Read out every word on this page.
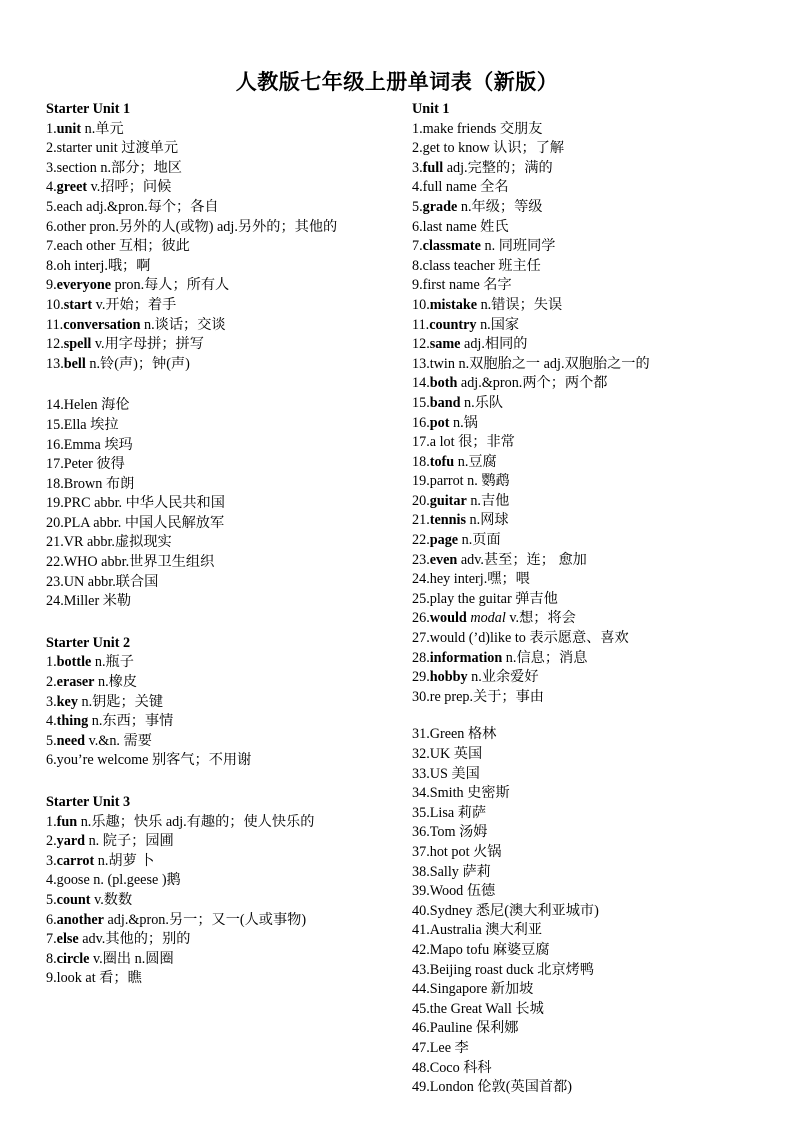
人教版七年级上册单词表（新版）
Starter Unit 1
1.unit n.单元
2.starter unit 过渡单元
3.section n.部分；地区
4.greet v.招呼；问候
5.each adj.&pron.每个；各自
6.other pron.另外的人(或物) adj.另外的；其他的
7.each other 互相；彼此
8.oh interj.哦；啊
9.everyone pron.每人；所有人
10.start v.开始；着手
11.conversation n.谈话；交谈
12.spell v.用字母拼；拼写
13.bell n.铃(声)；钟(声)
14.Helen 海伦
15.Ella 埃拉
16.Emma 埃玛
17.Peter 彼得
18.Brown 布朗
19.PRC abbr. 中华人民共和国
20.PLA abbr. 中国人民解放军
21.VR abbr.虚拟现实
22.WHO abbr.世界卫生组织
23.UN abbr.联合国
24.Miller 米勒
Starter Unit 2
1.bottle n.瓶子
2.eraser n.橡皮
3.key n.钥匙；关键
4.thing n.东西；事情
5.need v.&n. 需要
6.you’re welcome 别客气；不用谢
Starter Unit 3
1.fun n.乐趣；快乐 adj.有趣的；使人快乐的
2.yard n. 院子；园圃
3.carrot n.胡萝 卜
4.goose n. (pl.geese )鹅
5.count v.数数
6.another adj.&pron.另一；又一(人或事物)
7.else adv.其他的；别的
8.circle v.圈出 n.圆圈
9.look at 看；瞧
Unit 1
1.make friends 交朋友
2.get to know 认识；了解
3.full adj.完整的；满的
4.full name 全名
5.grade n.年级；等级
6.last name 姓氏
7.classmate n. 同班同学
8.class teacher 班主任
9.first name 名字
10.mistake n.错误；失误
11.country n.国家
12.same adj.相同的
13.twin n.双胞胎之一 adj.双胞胎之一的
14.both adj.&pron.两个；两个都
15.band n.乐队
16.pot n.锅
17.a lot 很；非常
18.tofu n.豆腐
19.parrot n. 鹦鹉
20.guitar n.吉他
21.tennis n.网球
22.page n.页面
23.even adv.甚至；连； 愈加
24.hey interj.嘿；喂
25.play the guitar 弹吉他
26.would modal v.想；将会
27.would (’d)like to 表示愿意、喜欢
28.information n.信息；消息
29.hobby n.业余爱好
30.re prep.关于；事由
31.Green 格林
32.UK 英国
33.US 美国
34.Smith 史密斯
35.Lisa 莉萨
36.Tom 汤姆
37.hot pot 火锅
38.Sally 萨莉
39.Wood 伍德
40.Sydney 悉尼(澳大利亚城市)
41.Australia 澳大利亚
42.Mapo tofu 麻婆豆腐
43.Beijing roast duck 北京烤鸭
44.Singapore 新加坡
45.the Great Wall 长城
46.Pauline 保利娜
47.Lee 李
48.Coco 科科
49.London 伦敦(英国首都)
